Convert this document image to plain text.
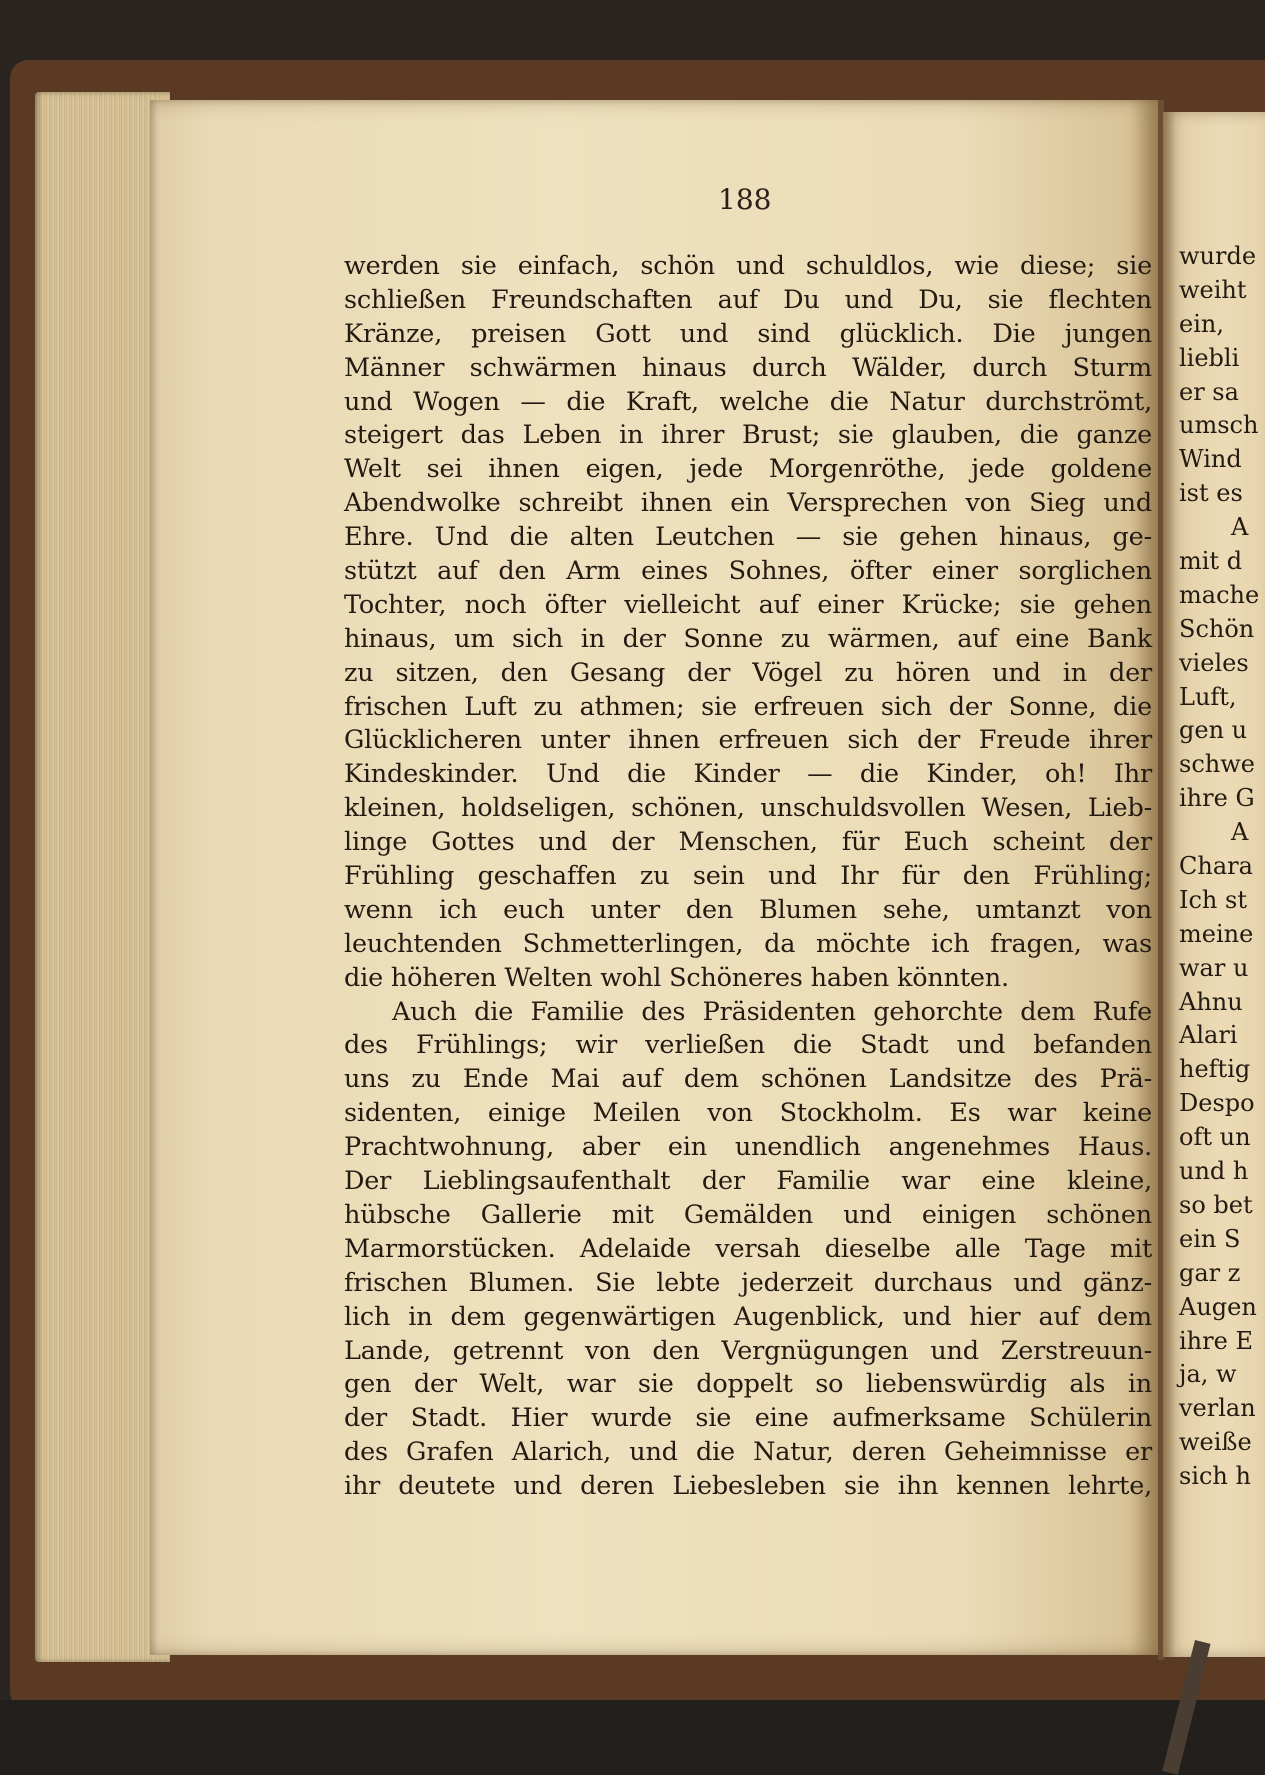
wurde
weiht
ein,
liebli
er sa
umsch
Wind
ist es
A
mit d
mache
Schön
vieles
Luft,
gen u
schwe
ihre G
A
Chara
Ich st
meine
war u
Ahnu
Alari
heftig
Despo
oft un
und h
so bet
ein S
gar z
Augen
ihre E
ja, w
verlan
weiße
sich h
188
werden sie einfach, schön und schuldlos, wie diese; sie
schließen Freundschaften auf Du und Du, sie flechten
Kränze, preisen Gott und sind glücklich. Die jungen
Männer schwärmen hinaus durch Wälder, durch Sturm
und Wogen — die Kraft, welche die Natur durchströmt,
steigert das Leben in ihrer Brust; sie glauben, die ganze
Welt sei ihnen eigen, jede Morgenröthe, jede goldene
Abendwolke schreibt ihnen ein Versprechen von Sieg und
Ehre. Und die alten Leutchen — sie gehen hinaus, ge-
stützt auf den Arm eines Sohnes, öfter einer sorglichen
Tochter, noch öfter vielleicht auf einer Krücke; sie gehen
hinaus, um sich in der Sonne zu wärmen, auf eine Bank
zu sitzen, den Gesang der Vögel zu hören und in der
frischen Luft zu athmen; sie erfreuen sich der Sonne, die
Glücklicheren unter ihnen erfreuen sich der Freude ihrer
Kindeskinder. Und die Kinder — die Kinder, oh! Ihr
kleinen, holdseligen, schönen, unschuldsvollen Wesen, Lieb-
linge Gottes und der Menschen, für Euch scheint der
Frühling geschaffen zu sein und Ihr für den Frühling;
wenn ich euch unter den Blumen sehe, umtanzt von
leuchtenden Schmetterlingen, da möchte ich fragen, was
die höheren Welten wohl Schöneres haben könnten.
Auch die Familie des Präsidenten gehorchte dem Rufe
des Frühlings; wir verließen die Stadt und befanden
uns zu Ende Mai auf dem schönen Landsitze des Prä-
sidenten, einige Meilen von Stockholm. Es war keine
Prachtwohnung, aber ein unendlich angenehmes Haus.
Der Lieblingsaufenthalt der Familie war eine kleine,
hübsche Gallerie mit Gemälden und einigen schönen
Marmorstücken. Adelaide versah dieselbe alle Tage mit
frischen Blumen. Sie lebte jederzeit durchaus und gänz-
lich in dem gegenwärtigen Augenblick, und hier auf dem
Lande, getrennt von den Vergnügungen und Zerstreuun-
gen der Welt, war sie doppelt so liebenswürdig als in
der Stadt. Hier wurde sie eine aufmerksame Schülerin
des Grafen Alarich, und die Natur, deren Geheimnisse er
ihr deutete und deren Liebesleben sie ihn kennen lehrte,
